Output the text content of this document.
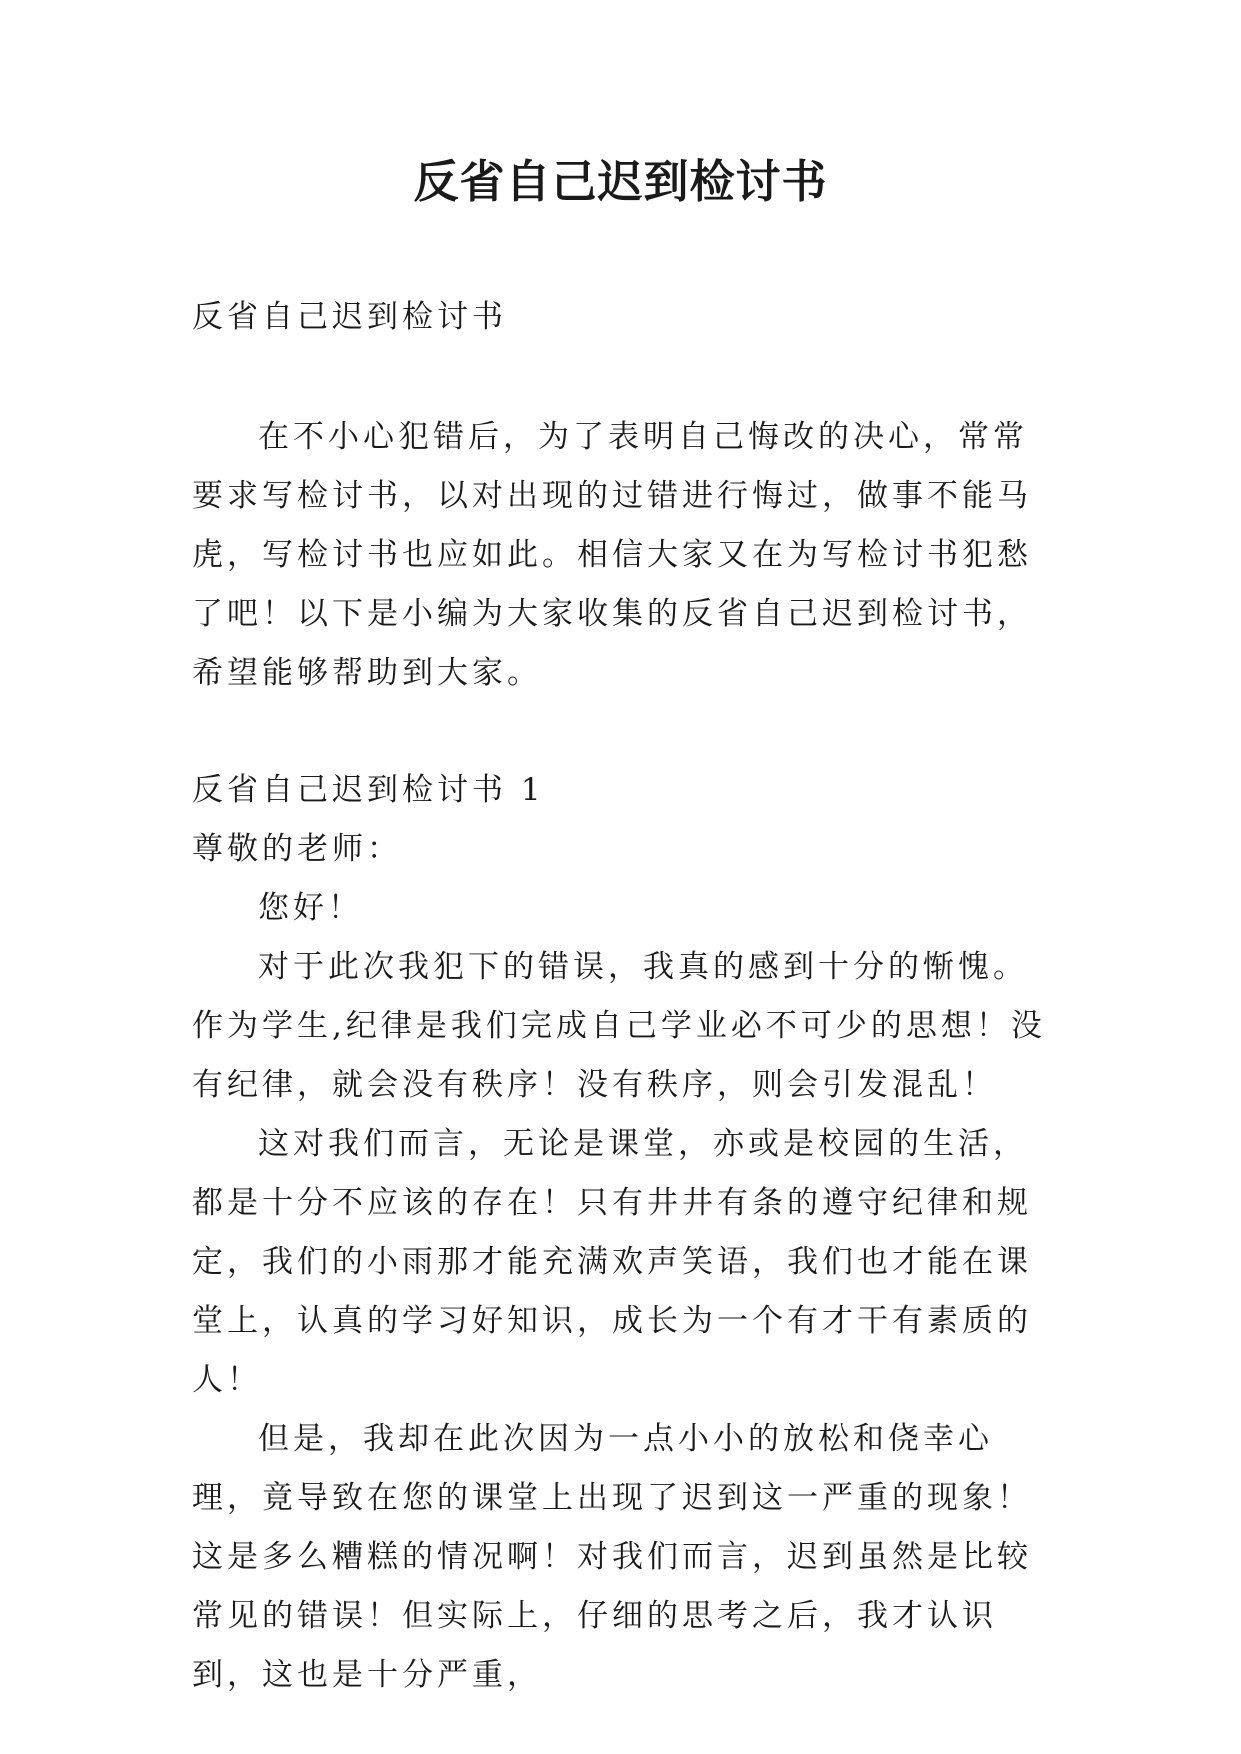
反省自己迟到检讨书

反省自己迟到检讨书

在不小心犯错后，为了表明自己悔改的决心，常常要求写检讨书，以对出现的过错进行悔过，做事不能马虎，写检讨书也应如此。相信大家又在为写检讨书犯愁了吧！以下是小编为大家收集的反省自己迟到检讨书，希望能够帮助到大家。

反省自己迟到检讨书 1

尊敬的老师：

您好！

对于此次我犯下的错误，我真的感到十分的惭愧。作为学生,纪律是我们完成自己学业必不可少的思想！没有纪律，就会没有秩序！没有秩序，则会引发混乱！

这对我们而言，无论是课堂，亦或是校园的生活，都是十分不应该的存在！只有井井有条的遵守纪律和规定，我们的小雨那才能充满欢声笑语，我们也才能在课堂上，认真的学习好知识，成长为一个有才干有素质的人！

但是，我却在此次因为一点小小的放松和侥幸心理，竟导致在您的课堂上出现了迟到这一严重的现象！这是多么糟糕的情况啊！对我们而言，迟到虽然是比较常见的错误！但实际上，仔细的思考之后，我才认识到，这也是十分严重，
